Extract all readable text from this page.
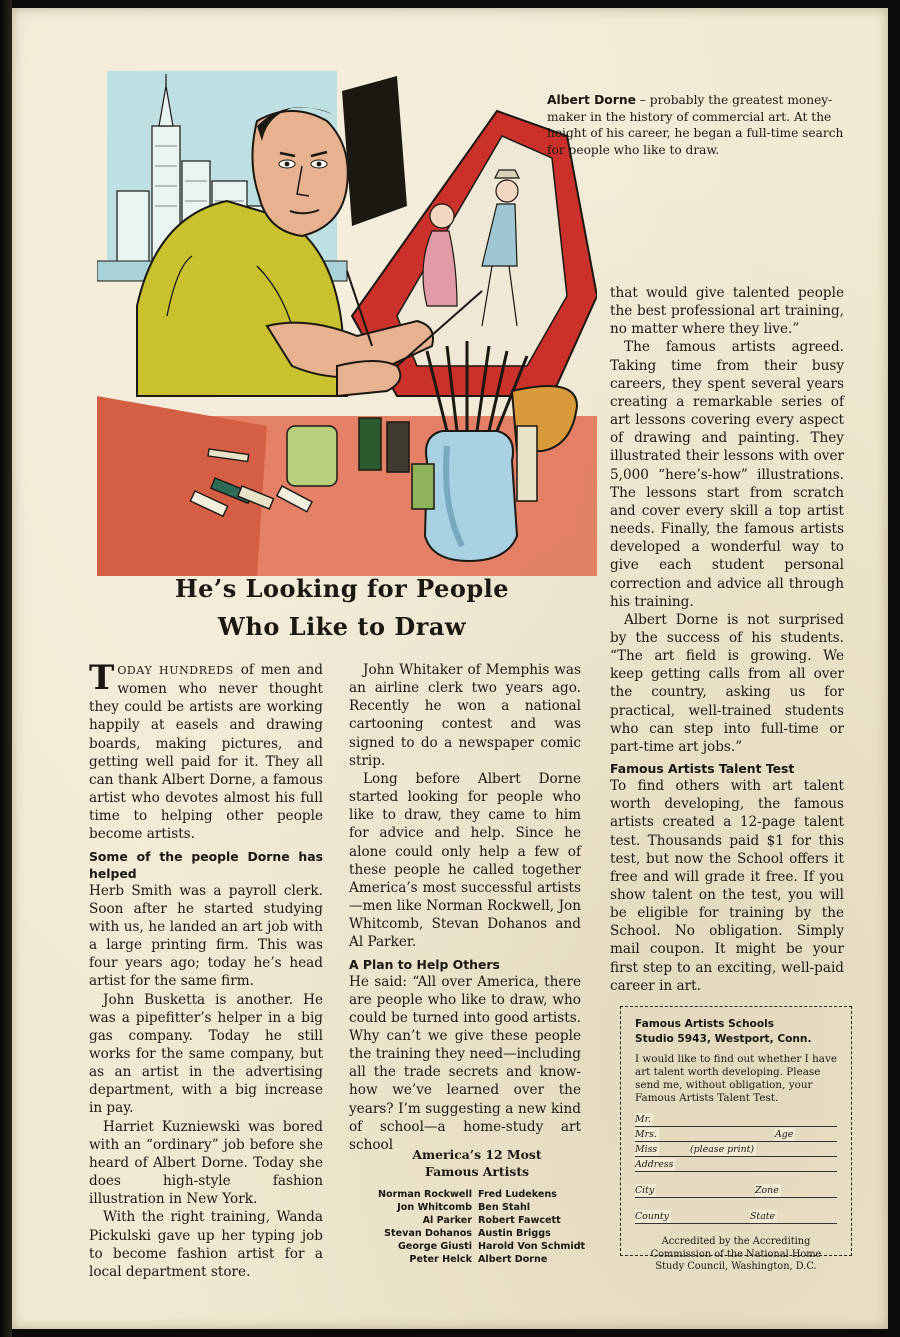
Albert Dorne – probably the greatest money-maker in the history of commercial art. At the height of his career, he began a full-time search for people who like to draw.
He’s Looking for People
Who Like to Draw

TODAY HUNDREDS of men and women who never thought they could be artists are working happily at easels and drawing boards, making pictures, and getting well paid for it. They all can thank Albert Dorne, a famous artist who devotes almost his full time to helping other people become artists.

Some of the people Dorne has helped

Herb Smith was a payroll clerk. Soon after he started studying with us, he landed an art job with a large printing firm. This was four years ago; today he’s head artist for the same firm.

John Busketta is another. He was a pipefitter’s helper in a big gas company. Today he still works for the same company, but as an artist in the advertising department, with a big increase in pay.

Harriet Kuzniewski was bored with an “ordinary” job before she heard of Albert Dorne. Today she does high-style fashion illustration in New York.

With the right training, Wanda Pickulski gave up her typing job to become fashion artist for a local department store.

John Whitaker of Memphis was an airline clerk two years ago. Recently he won a national cartooning contest and was signed to do a newspaper comic strip.

Long before Albert Dorne started looking for people who like to draw, they came to him for advice and help. Since he alone could only help a few of these people he called together America’s most successful artists—men like Norman Rockwell, Jon Whitcomb, Stevan Dohanos and Al Parker.

A Plan to Help Others

He said: “All over America, there are people who like to draw, who could be turned into good artists. Why can’t we give these people the training they need—including all the trade secrets and know-how we’ve learned over the years? I’m suggesting a new kind of school—a home-study art school

that would give talented people the best professional art training, no matter where they live.”

The famous artists agreed. Taking time from their busy careers, they spent several years creating a remarkable series of art lessons covering every aspect of drawing and painting. They illustrated their lessons with over 5,000 “here’s-how” illustrations. The lessons start from scratch and cover every skill a top artist needs. Finally, the famous artists developed a wonderful way to give each student personal correction and advice all through his training.

Albert Dorne is not surprised by the success of his students. “The art field is growing. We keep getting calls from all over the country, asking us for practical, well-trained students who can step into full-time or part-time art jobs.”

Famous Artists Talent Test

To find others with art talent worth developing, the famous artists created a 12-page talent test. Thousands paid $1 for this test, but now the School offers it free and will grade it free. If you show talent on the test, you will be eligible for training by the School. No obligation. Simply mail coupon. It might be your first step to an exciting, well-paid career in art.

America’s 12 Most
Famous Artists
Norman Rockwell	Fred Ludekens
Jon Whitcomb	Ben Stahl
Al Parker	Robert Fawcett
Stevan Dohanos	Austin Briggs
George Giusti	Harold Von Schmidt
Peter Helck	Albert Dorne
Famous Artists Schools
Studio 5943, Westport, Conn.
I would like to find out whether I have art talent worth developing. Please send me, without obligation, your Famous Artists Talent Test.
Mr.
Mrs.	Age
Miss	(please print)
Address
City	Zone
County	State
Accredited by the Accrediting Commission of the National Home Study Council, Washington, D.C.
